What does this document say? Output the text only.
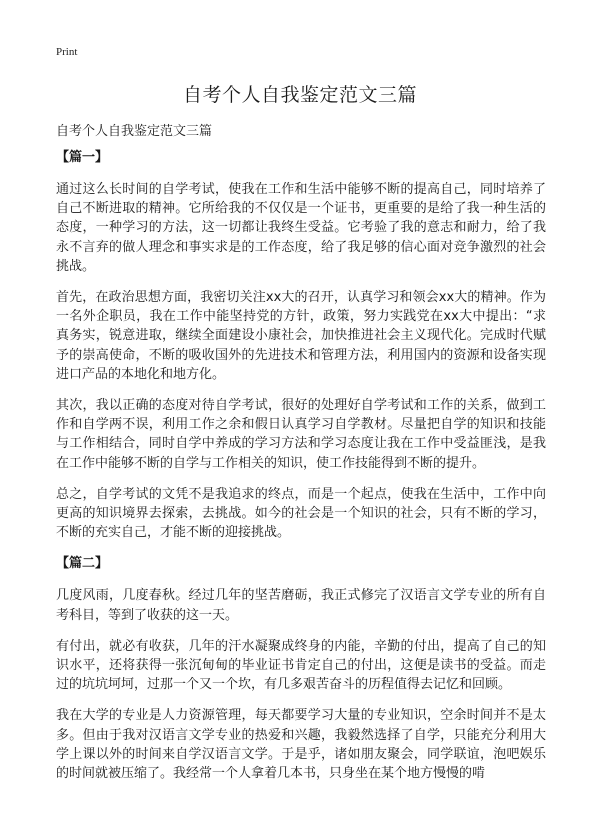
Print
自考个人自我鉴定范文三篇

自考个人自我鉴定范文三篇

【篇一】

通过这么长时间的自学考试，使我在工作和生活中能够不断的提高自己，同时培养了自己不断进取的精神。它所给我的不仅仅是一个证书，更重要的是给了我一种生活的态度，一种学习的方法，这一切都让我终生受益。它考验了我的意志和耐力，给了我永不言弃的做人理念和事实求是的工作态度，给了我足够的信心面对竞争激烈的社会挑战。

首先，在政治思想方面，我密切关注xx大的召开，认真学习和领会xx大的精神。作为一名外企职员，我在工作中能坚持党的方针，政策，努力实践党在xx大中提出：“求真务实，锐意进取，继续全面建设小康社会，加快推进社会主义现代化。完成时代赋予的崇高使命，不断的吸收国外的先进技术和管理方法，利用国内的资源和设备实现进口产品的本地化和地方化。

其次，我以正确的态度对待自学考试，很好的处理好自学考试和工作的关系，做到工作和自学两不误，利用工作之余和假日认真学习自学教材。尽量把自学的知识和技能与工作相结合，同时自学中养成的学习方法和学习态度让我在工作中受益匪浅，是我在工作中能够不断的自学与工作相关的知识，使工作技能得到不断的提升。

总之，自学考试的文凭不是我追求的终点，而是一个起点，使我在生活中，工作中向更高的知识境界去探索，去挑战。如今的社会是一个知识的社会，只有不断的学习，不断的充实自己，才能不断的迎接挑战。

【篇二】

几度风雨，几度春秋。经过几年的坚苦磨砺，我正式修完了汉语言文学专业的所有自考科目，等到了收获的这一天。

有付出，就必有收获，几年的汗水凝聚成终身的内能，辛勤的付出，提高了自己的知识水平，还将获得一张沉甸甸的毕业证书肯定自己的付出，这便是读书的受益。而走过的坑坑坷坷，过那一个又一个坎，有几多艰苦奋斗的历程值得去记忆和回顾。

我在大学的专业是人力资源管理，每天都要学习大量的专业知识，空余时间并不是太多。但由于我对汉语言文学专业的热爱和兴趣，我毅然选择了自学，只能充分利用大学上课以外的时间来自学汉语言文学。于是乎，诸如朋友聚会，同学联谊，泡吧娱乐的时间就被压缩了。我经常一个人拿着几本书，只身坐在某个地方慢慢的啃
